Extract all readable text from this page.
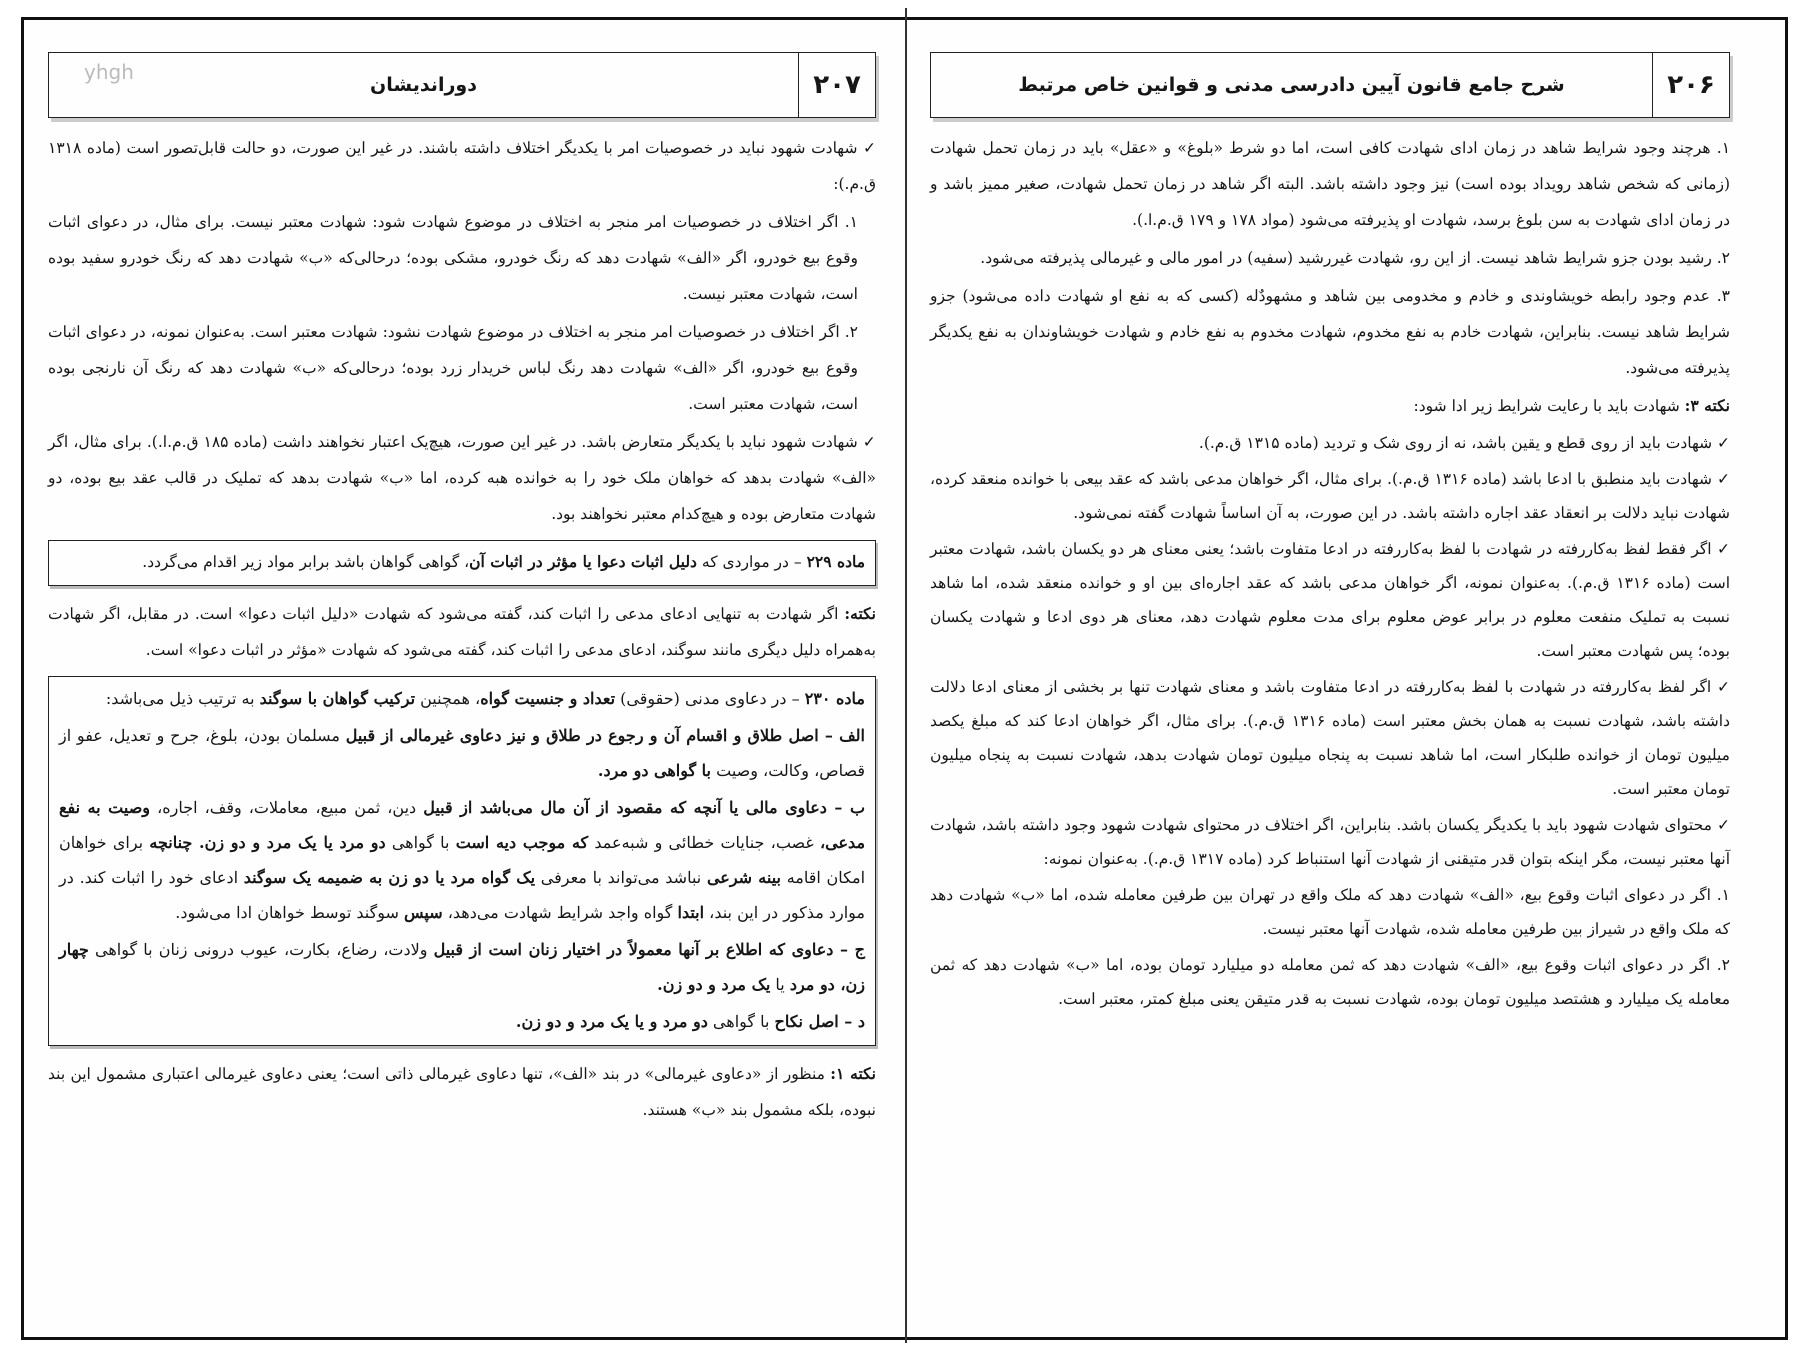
yhgh	۲۰۷
دوراندیشان

✓ شهادت شهود نباید در خصوصیات امر با یکدیگر اختلاف داشته باشند. در غیر این صورت، دو حالت قابل‌تصور است (ماده ۱۳۱۸ ق.م.):

۱. اگر اختلاف در خصوصیات امر منجر به اختلاف در موضوع شهادت شود: شهادت معتبر نیست. برای مثال، در دعوای اثبات وقوع بیع خودرو، اگر «الف» شهادت دهد که رنگ خودرو، مشکی بوده؛ درحالی‌که «ب» شهادت دهد که رنگ خودرو سفید بوده است، شهادت معتبر نیست.

۲. اگر اختلاف در خصوصیات امر منجر به اختلاف در موضوع شهادت نشود: شهادت معتبر است. به‌عنوان نمونه، در دعوای اثبات وقوع بیع خودرو، اگر «الف» شهادت دهد رنگ لباس خریدار زرد بوده؛ درحالی‌که «ب» شهادت دهد که رنگ آن نارنجی بوده است، شهادت معتبر است.

✓ شهادت شهود نباید با یکدیگر متعارض باشد. در غیر این صورت، هیچ‌یک اعتبار نخواهند داشت (ماده ۱۸۵ ق.م.ا.). برای مثال، اگر «الف» شهادت بدهد که خواهان ملک خود را به خوانده هبه کرده، اما «ب» شهادت بدهد که تملیک در قالب عقد بیع بوده، دو شهادت متعارض بوده و هیچ‌کدام معتبر نخواهند بود.

ماده ۲۲۹ – در مواردی که دلیل اثبات دعوا یا مؤثر در اثبات آن، گواهی گواهان باشد برابر مواد زیر اقدام می‌گردد.

نکته: اگر شهادت به تنهایی ادعای مدعی را اثبات کند، گفته می‌شود که شهادت «دلیل اثبات دعوا» است. در مقابل، اگر شهادت به‌همراه دلیل دیگری مانند سوگند، ادعای مدعی را اثبات کند، گفته می‌شود که شهادت «مؤثر در اثبات دعوا» است.

ماده ۲۳۰ – در دعاوی مدنی (حقوقی) تعداد و جنسیت گواه، همچنین ترکیب گواهان با سوگند به ترتیب ذیل می‌باشد:

الف – اصل طلاق و اقسام آن و رجوع در طلاق و نیز دعاوی غیرمالی از قبیل مسلمان بودن، بلوغ، جرح و تعدیل، عفو از قصاص، وکالت، وصیت با گواهی دو مرد.

ب – دعاوی مالی یا آنچه که مقصود از آن مال می‌باشد از قبیل دین، ثمن مبیع، معاملات، وقف، اجاره، وصیت به نفع مدعی، غصب، جنایات خطائی و شبه‌عمد که موجب دیه است با گواهی دو مرد یا یک مرد و دو زن. چنانچه برای خواهان امکان اقامه بینه شرعی نباشد می‌تواند با معرفی یک گواه مرد یا دو زن به ضمیمه یک سوگند ادعای خود را اثبات کند. در موارد مذکور در این بند، ابتدا گواه واجد شرایط شهادت می‌دهد، سپس سوگند توسط خواهان ادا می‌شود.

ج – دعاوی که اطلاع بر آنها معمولاً در اختیار زنان است از قبیل ولادت، رضاع، بکارت، عیوب درونی زنان با گواهی چهار زن، دو مرد یا یک مرد و دو زن.

د – اصل نکاح با گواهی دو مرد و یا یک مرد و دو زن.

نکته ۱: منظور از «دعاوی غیرمالی» در بند «الف»، تنها دعاوی غیرمالی ذاتی است؛ یعنی دعاوی غیرمالی اعتباری مشمول این بند نبوده، بلکه مشمول بند «ب» هستند.

۲۰۶
شرح جامع قانون آیین دادرسی مدنی و قوانین خاص مرتبط

۱. هرچند وجود شرایط شاهد در زمان ادای شهادت کافی است، اما دو شرط «بلوغ» و «عقل» باید در زمان تحمل شهادت (زمانی که شخص شاهد رویداد بوده است) نیز وجود داشته باشد. البته اگر شاهد در زمان تحمل شهادت، صغیر ممیز باشد و در زمان ادای شهادت به سن بلوغ برسد، شهادت او پذیرفته می‌شود (مواد ۱۷۸ و ۱۷۹ ق.م.ا.).

۲. رشید بودن جزو شرایط شاهد نیست. از این رو، شهادت غیررشید (سفیه) در امور مالی و غیرمالی پذیرفته می‌شود.

۳. عدم وجود رابطه خویشاوندی و خادم و مخدومی بین شاهد و مشهودٌله (کسی که به نفع او شهادت داده می‌شود) جزو شرایط شاهد نیست. بنابراین، شهادت خادم به نفع مخدوم، شهادت مخدوم به نفع خادم و شهادت خویشاوندان به نفع یکدیگر پذیرفته می‌شود.

نکته ۳: شهادت باید با رعایت شرایط زیر ادا شود:

✓ شهادت باید از روی قطع و یقین باشد، نه از روی شک و تردید (ماده ۱۳۱۵ ق.م.).

✓ شهادت باید منطبق با ادعا باشد (ماده ۱۳۱۶ ق.م.). برای مثال، اگر خواهان مدعی باشد که عقد بیعی با خوانده منعقد کرده، شهادت نباید دلالت بر انعقاد عقد اجاره داشته باشد. در این صورت، به آن اساساً شهادت گفته نمی‌شود.

✓ اگر فقط لفظ به‌کاررفته در شهادت با لفظ به‌کاررفته در ادعا متفاوت باشد؛ یعنی معنای هر دو یکسان باشد، شهادت معتبر است (ماده ۱۳۱۶ ق.م.). به‌عنوان نمونه، اگر خواهان مدعی باشد که عقد اجاره‌ای بین او و خوانده منعقد شده، اما شاهد نسبت به تملیک منفعت معلوم در برابر عوض معلوم برای مدت معلوم شهادت دهد، معنای هر دوی ادعا و شهادت یکسان بوده؛ پس شهادت معتبر است.

✓ اگر لفظ به‌کاررفته در شهادت با لفظ به‌کاررفته در ادعا متفاوت باشد و معنای شهادت تنها بر بخشی از معنای ادعا دلالت داشته باشد، شهادت نسبت به همان بخش معتبر است (ماده ۱۳۱۶ ق.م.). برای مثال، اگر خواهان ادعا کند که مبلغ یکصد میلیون تومان از خوانده طلبکار است، اما شاهد نسبت به پنجاه میلیون تومان شهادت بدهد، شهادت نسبت به پنجاه میلیون تومان معتبر است.

✓ محتوای شهادت شهود باید با یکدیگر یکسان باشد. بنابراین، اگر اختلاف در محتوای شهادت شهود وجود داشته باشد، شهادت آنها معتبر نیست، مگر اینکه بتوان قدر متیقنی از شهادت آنها استنباط کرد (ماده ۱۳۱۷ ق.م.). به‌عنوان نمونه:

۱. اگر در دعوای اثبات وقوع بیع، «الف» شهادت دهد که ملک واقع در تهران بین طرفین معامله شده، اما «ب» شهادت دهد که ملک واقع در شیراز بین طرفین معامله شده، شهادت آنها معتبر نیست.

۲. اگر در دعوای اثبات وقوع بیع، «الف» شهادت دهد که ثمن معامله دو میلیارد تومان بوده، اما «ب» شهادت دهد که ثمن معامله یک میلیارد و هشتصد میلیون تومان بوده، شهادت نسبت به قدر متیقن یعنی مبلغ کمتر، معتبر است.
